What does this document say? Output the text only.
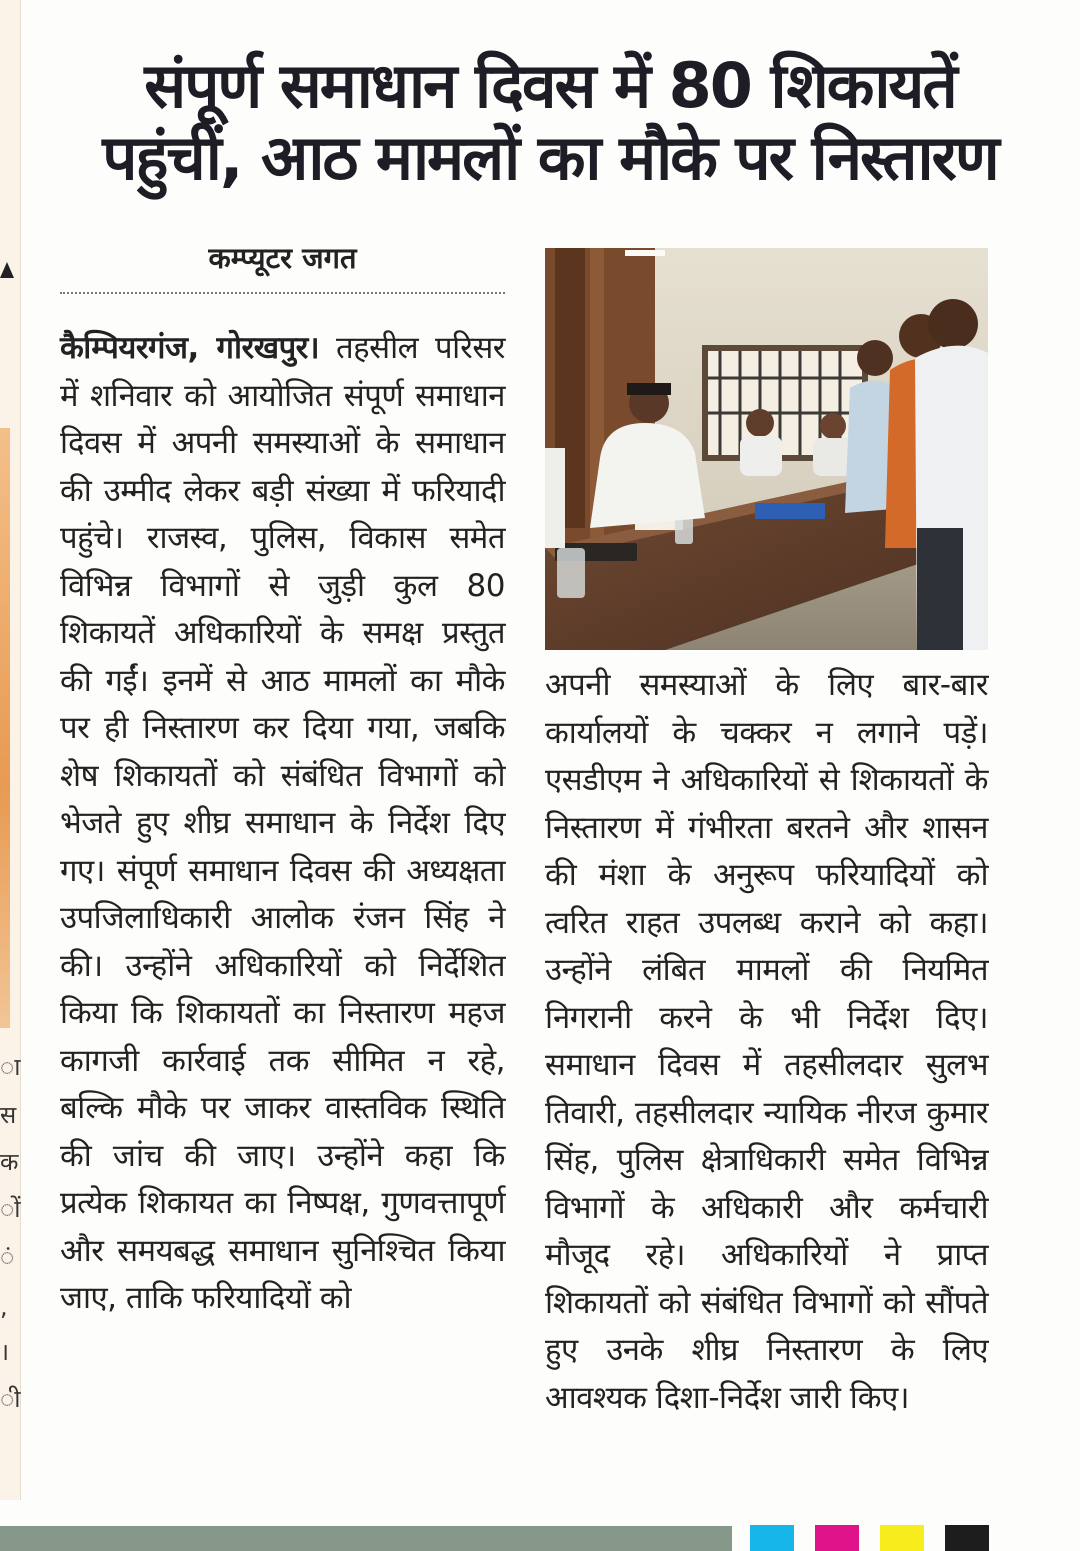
ा
स
क
ों
ं
,
।
ी
संपूर्ण समाधान दिवस में 80 शिकायतें
पहुंचीं, आठ मामलों का मौके पर निस्तारण
कम्प्यूटर जगत
कैम्पियरगंज, गोरखपुर। तहसील परिसर में शनिवार को आयोजित संपूर्ण समाधान दिवस में अपनी समस्याओं के समाधान की उम्मीद लेकर बड़ी संख्या में फरियादी पहुंचे। राजस्व, पुलिस, विकास समेत विभिन्न विभागों से जुड़ी कुल 80 शिकायतें अधिकारियों के समक्ष प्रस्तुत की गईं। इनमें से आठ मामलों का मौके पर ही निस्तारण कर दिया गया, जबकि शेष शिकायतों को संबंधित विभागों को भेजते हुए शीघ्र समाधान के निर्देश दिए गए। संपूर्ण समाधान दिवस की अध्यक्षता उपजिलाधिकारी आलोक रंजन सिंह ने की। उन्होंने अधिकारियों को निर्देशित किया कि शिकायतों का निस्तारण महज कागजी कार्रवाई तक सीमित न रहे, बल्कि मौके पर जाकर वास्तविक स्थिति की जांच की जाए। उन्होंने कहा कि प्रत्येक शिकायत का निष्पक्ष, गुणवत्तापूर्ण और समयबद्ध समाधान सुनिश्चित किया जाए, ताकि फरियादियों को
अपनी समस्याओं के लिए बार-बार कार्यालयों के चक्कर न लगाने पड़ें। एसडीएम ने अधिकारियों से शिकायतों के निस्तारण में गंभीरता बरतने और शासन की मंशा के अनुरूप फरियादियों को त्वरित राहत उपलब्ध कराने को कहा। उन्होंने लंबित मामलों की नियमित निगरानी करने के भी निर्देश दिए। समाधान दिवस में तहसीलदार सुलभ तिवारी, तहसीलदार न्यायिक नीरज कुमार सिंह, पुलिस क्षेत्राधिकारी समेत विभिन्न विभागों के अधिकारी और कर्मचारी मौजूद रहे। अधिकारियों ने प्राप्त शिकायतों को संबंधित विभागों को सौंपते हुए उनके शीघ्र निस्तारण के लिए आवश्यक दिशा-निर्देश जारी किए।
